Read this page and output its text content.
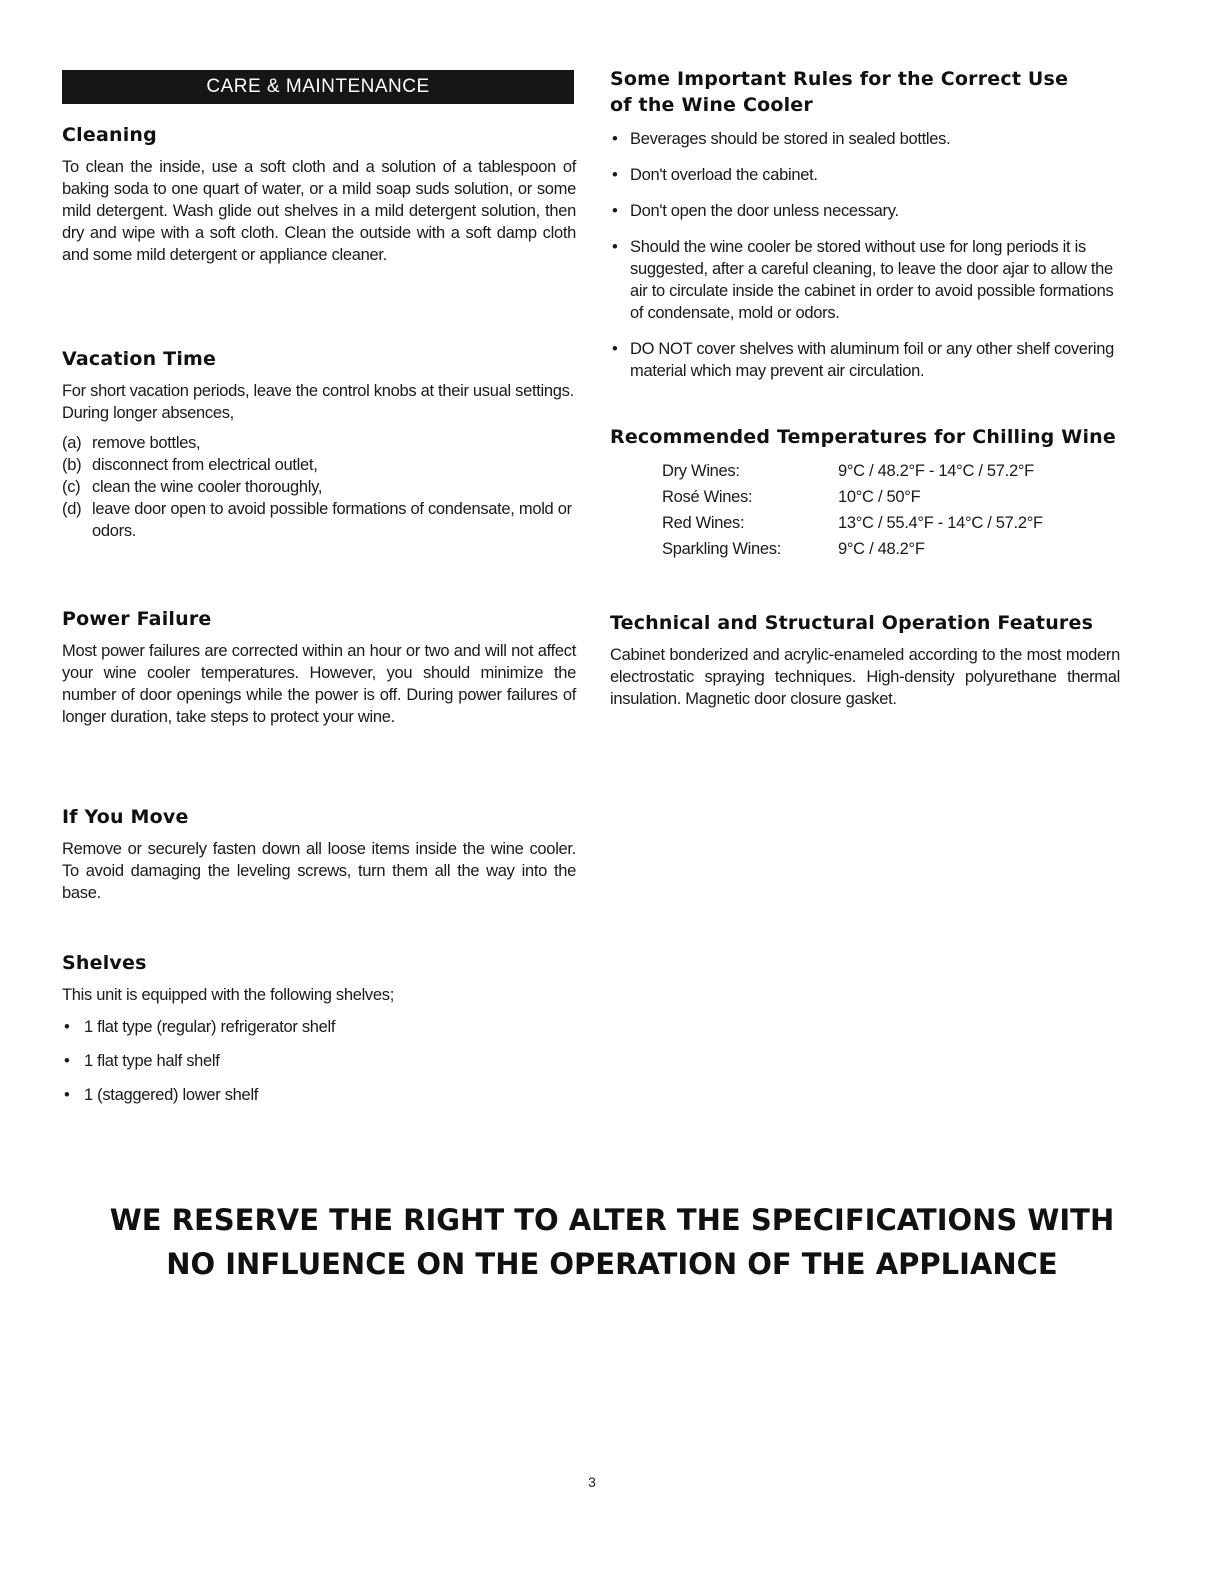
CARE & MAINTENANCE
Cleaning

To clean the inside, use a soft cloth and a solution of a tablespoon of baking soda to one quart of water, or a mild soap suds solution, or some mild detergent. Wash glide out shelves in a mild detergent solution, then dry and wipe with a soft cloth. Clean the outside with a soft damp cloth and some mild detergent or appliance cleaner.

Vacation Time

For short vacation periods, leave the control knobs at their usual settings. During longer absences,

(a) remove bottles,
(b) disconnect from electrical outlet,
(c) clean the wine cooler thoroughly,
(d) leave door open to avoid possible formations of condensate, mold or odors.
Power Failure

Most power failures are corrected within an hour or two and will not affect your wine cooler temperatures. However, you should minimize the number of door openings while the power is off. During power failures of longer duration, take steps to protect your wine.

If You Move

Remove or securely fasten down all loose items inside the wine cooler. To avoid damaging the leveling screws, turn them all the way into the base.

Shelves

This unit is equipped with the following shelves;

• 1 flat type (regular) refrigerator shelf
• 1 flat type half shelf
• 1 (staggered) lower shelf
Some Important Rules for the Correct Use
of the Wine Cooler
• Beverages should be stored in sealed bottles.
• Don't overload the cabinet.
• Don't open the door unless necessary.
• Should the wine cooler be stored without use for long periods it is suggested, after a careful cleaning, to leave the door ajar to allow the air to circulate inside the cabinet in order to avoid possible formations of condensate, mold or odors.
• DO NOT cover shelves with aluminum foil or any other shelf covering material which may prevent air circulation.
Recommended Temperatures for Chilling Wine
Dry Wines:	9°C / 48.2°F - 14°C / 57.2°F
Rosé Wines:	10°C / 50°F
Red Wines:	13°C / 55.4°F - 14°C / 57.2°F
Sparkling Wines:	9°C / 48.2°F
Technical and Structural Operation Features

Cabinet bonderized and acrylic-enameled according to the most modern electrostatic spraying techniques. High-density polyurethane thermal insulation. Magnetic door closure gasket.

WE RESERVE THE RIGHT TO ALTER THE SPECIFICATIONS WITH
NO INFLUENCE ON THE OPERATION OF THE APPLIANCE
3
